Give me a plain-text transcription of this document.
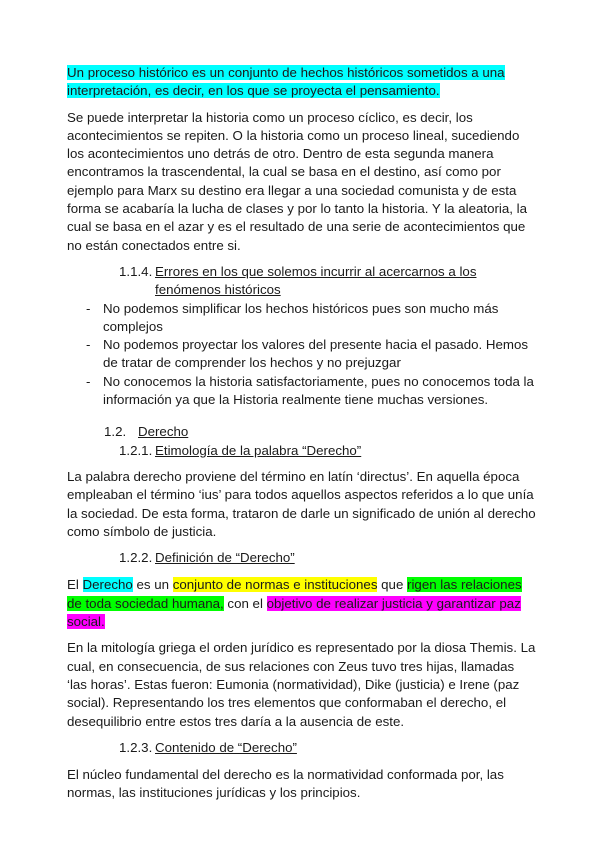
Un proceso histórico es un conjunto de hechos históricos sometidos a una interpretación, es decir, en los que se proyecta el pensamiento.

Se puede interpretar la historia como un proceso cíclico, es decir, los acontecimientos se repiten. O la historia como un proceso lineal, sucediendo los acontecimientos uno detrás de otro. Dentro de esta segunda manera encontramos la trascendental, la cual se basa en el destino, así como por ejemplo para Marx su destino era llegar a una sociedad comunista y de esta forma se acabaría la lucha de clases y por lo tanto la historia. Y la aleatoria, la cual se basa en el azar y es el resultado de una serie de acontecimientos que no están conectados entre si.

1.1.4. Errores en los que solemos incurrir al acercarnos a los
fenómenos históricos
- No podemos simplificar los hechos históricos pues son mucho más complejos
- No podemos proyectar los valores del presente hacia el pasado. Hemos de tratar de comprender los hechos y no prejuzgar
- No conocemos la historia satisfactoriamente, pues no conocemos toda la información ya que la Historia realmente tiene muchas versiones.
1.2. Derecho
1.2.1. Etimología de la palabra “Derecho”

La palabra derecho proviene del término en latín ‘directus’. En aquella época empleaban el término ‘ius’ para todos aquellos aspectos referidos a lo que unía la sociedad. De esta forma, trataron de darle un significado de unión al derecho como símbolo de justicia.

1.2.2. Definición de “Derecho”

El Derecho es un conjunto de normas e instituciones que rigen las relaciones de toda sociedad humana, con el objetivo de realizar justicia y garantizar paz social.

En la mitología griega el orden jurídico es representado por la diosa Themis. La cual, en consecuencia, de sus relaciones con Zeus tuvo tres hijas, llamadas ‘las horas’. Estas fueron: Eumonia (normatividad), Dike (justicia) e Irene (paz social). Representando los tres elementos que conformaban el derecho, el desequilibrio entre estos tres daría a la ausencia de este.

1.2.3. Contenido de “Derecho”

El núcleo fundamental del derecho es la normatividad conformada por, las normas, las instituciones jurídicas y los principios.
